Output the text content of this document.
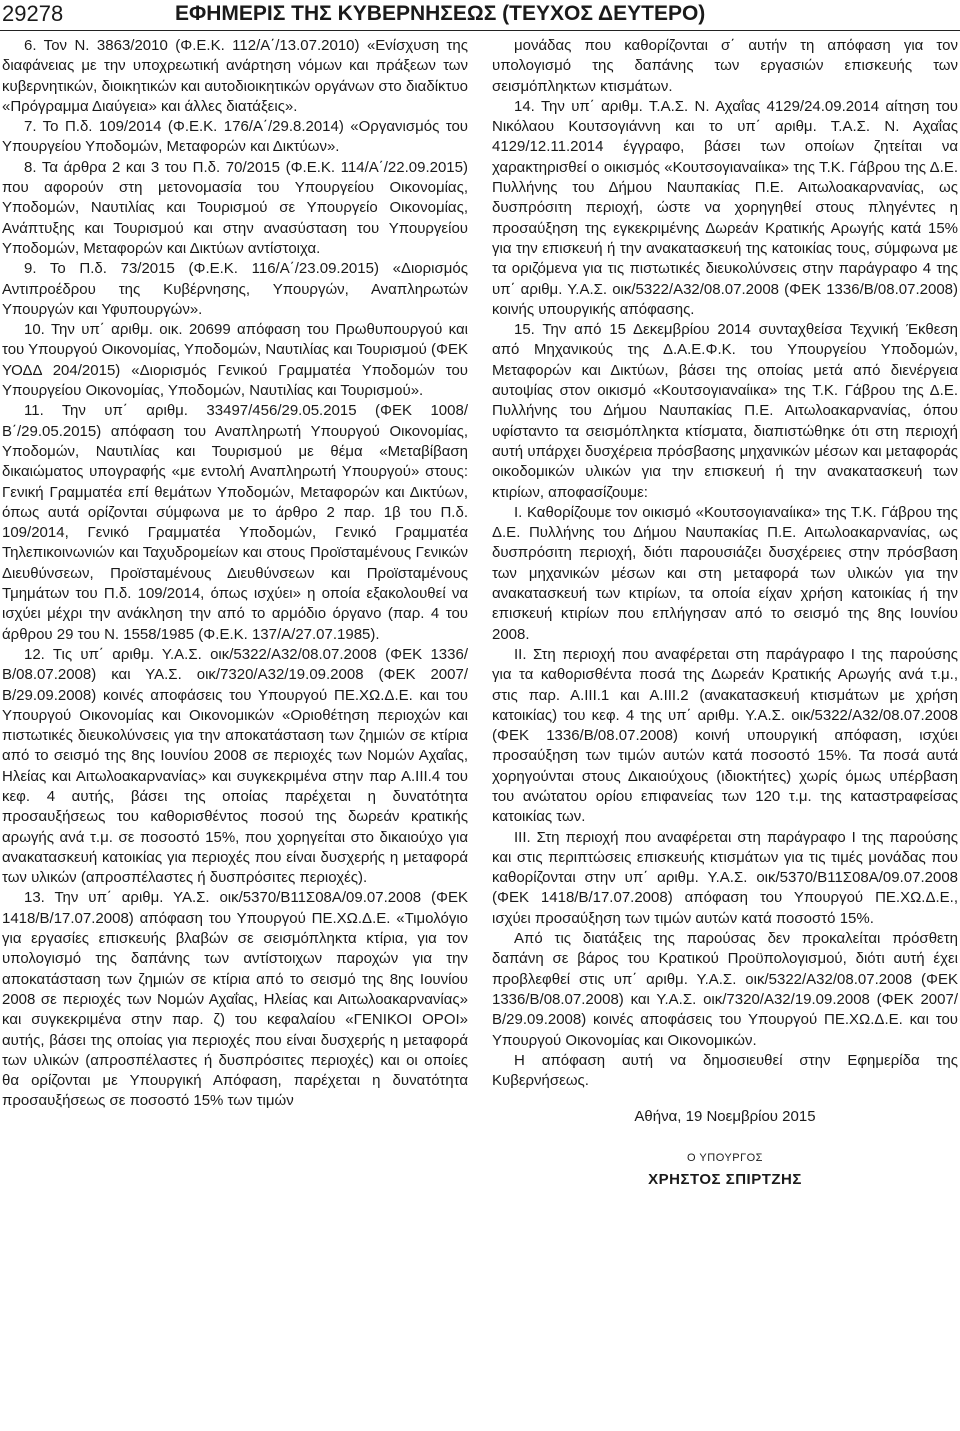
29278	ΕΦΗΜΕΡΙΣ ΤΗΣ ΚΥΒΕΡΝΗΣΕΩΣ (ΤΕΥΧΟΣ ΔΕΥΤΕΡΟ)

6. Τον Ν. 3863/2010 (Φ.Ε.Κ. 112/Α΄/13.07.2010) «Ενίσχυση της διαφάνειας με την υποχρεωτική ανάρτηση νόμων και πράξεων των κυβερνητικών, διοικητικών και αυτοδιοικητικών οργάνων στο διαδίκτυο «Πρόγραμμα Διαύγεια» και άλλες διατάξεις».

7. Το Π.δ. 109/2014 (Φ.Ε.Κ. 176/Α΄/29.8.2014) «Οργανισμός του Υπουργείου Υποδομών, Μεταφορών και Δικτύων».

8. Τα άρθρα 2 και 3 του Π.δ. 70/2015 (Φ.Ε.Κ. 114/Α΄/22.09.2015) που αφορούν στη μετονομασία του Υπουργείου Οικονομίας, Υποδομών, Ναυτιλίας και Τουρισμού σε Υπουργείο Οικονομίας, Ανάπτυξης και Τουρισμού και στην ανασύσταση του Υπουργείου Υποδομών, Μεταφορών και Δικτύων αντίστοιχα.

9. Το Π.δ. 73/2015 (Φ.Ε.Κ. 116/Α΄/23.09.2015) «Διορισμός Αντιπροέδρου της Κυβέρνησης, Υπουργών, Αναπληρωτών Υπουργών και Υφυπουργών».

10. Την υπ΄ αριθμ. οικ. 20699 απόφαση του Πρωθυπουργού και του Υπουργού Οικονομίας, Υποδομών, Ναυτιλίας και Τουρισμού (ΦΕΚ ΥΟΔΔ 204/2015) «Διορισμός Γενικού Γραμματέα Υποδομών του Υπουργείου Οικονομίας, Υποδομών, Ναυτιλίας και Τουρισμού».

11. Την υπ΄ αριθμ. 33497/456/29.05.2015 (ΦΕΚ 1008/Β΄/29.05.2015) απόφαση του Αναπληρωτή Υπουργού Οικονομίας, Υποδομών, Ναυτιλίας και Τουρισμού με θέμα «Μεταβίβαση δικαιώματος υπογραφής «με εντολή Αναπληρωτή Υπουργού» στους: Γενική Γραμματέα επί θεμάτων Υποδομών, Μεταφορών και Δικτύων, όπως αυτά ορίζονται σύμφωνα με το άρθρο 2 παρ. 1β του Π.δ. 109/2014, Γενικό Γραμματέα Υποδομών, Γενικό Γραμματέα Τηλεπικοινωνιών και Ταχυδρομείων και στους Προϊσταμένους Γενικών Διευθύνσεων, Προϊσταμένους Διευθύνσεων και Προϊσταμένους Τμημάτων του Π.δ. 109/2014, όπως ισχύει» η οποία εξακολουθεί να ισχύει μέχρι την ανάκληση την από το αρμόδιο όργανο (παρ. 4 του άρθρου 29 του Ν. 1558/1985 (Φ.Ε.Κ. 137/Α/27.07.1985).

12. Τις υπ΄ αριθμ. Υ.Α.Σ. οικ/5322/Α32/08.07.2008 (ΦΕΚ 1336/Β/08.07.2008) και ΥΑ.Σ. οικ/7320/Α32/19.09.2008 (ΦΕΚ 2007/Β/29.09.2008) κοινές αποφάσεις του Υπουργού ΠΕ.ΧΩ.Δ.Ε. και του Υπουργού Οικονομίας και Οικονομικών «Οριοθέτηση περιοχών και πιστωτικές διευκολύνσεις για την αποκατάσταση των ζημιών σε κτίρια από το σεισμό της 8ης Ιουνίου 2008 σε περιοχές των Νομών Αχαΐας, Ηλείας και Αιτωλοακαρνανίας» και συγκεκριμένα στην παρ Α.ΙΙΙ.4 του κεφ. 4 αυτής, βάσει της οποίας παρέχεται η δυνατότητα προσαυξήσεως του καθορισθέντος ποσού της δωρεάν κρατικής αρωγής ανά τ.μ. σε ποσοστό 15%, που χορηγείται στο δικαιούχο για ανακατασκευή κατοικίας για περιοχές που είναι δυσχερής η μεταφορά των υλικών (απροσπέλαστες ή δυσπρόσιτες περιοχές).

13. Την υπ΄ αριθμ. ΥΑ.Σ. οικ/5370/Β11Σ08Α/09.07.2008 (ΦΕΚ 1418/Β/17.07.2008) απόφαση του Υπουργού ΠΕ.ΧΩ.Δ.Ε. «Τιμολόγιο για εργασίες επισκευής βλαβών σε σεισμόπληκτα κτίρια, για τον υπολογισμό της δαπάνης των αντίστοιχων παροχών για την αποκατάσταση των ζημιών σε κτίρια από το σεισμό της 8ης Ιουνίου 2008 σε περιοχές των Νομών Αχαΐας, Ηλείας και Αιτωλοακαρνανίας» και συγκεκριμένα στην παρ. ζ) του κεφαλαίου «ΓΕΝΙΚΟΙ ΟΡΟΙ» αυτής, βάσει της οποίας για περιοχές που είναι δυσχερής η μεταφορά των υλικών (απροσπέλαστες ή δυσπρόσιτες περιοχές) και οι οποίες θα ορίζονται με Υπουργική Απόφαση, παρέχεται η δυνατότητα προσαυξήσεως σε ποσοστό 15% των τιμών

μονάδας που καθορίζονται σ΄ αυτήν τη απόφαση για τον υπολογισμό της δαπάνης των εργασιών επισκευής των σεισμόπληκτων κτισμάτων.

14. Την υπ΄ αριθμ. Τ.Α.Σ. Ν. Αχαΐας 4129/24.09.2014 αίτηση του Νικόλαου Κουτσογιάννη και το υπ΄ αριθμ. Τ.Α.Σ. Ν. Αχαΐας 4129/12.11.2014 έγγραφο, βάσει των οποίων ζητείται να χαρακτηρισθεί ο οικισμός «Κουτσογιαναίικα» της Τ.Κ. Γάβρου της Δ.Ε. Πυλλήνης του Δήμου Ναυπακίας Π.Ε. Αιτωλοακαρνανίας, ως δυσπρόσιτη περιοχή, ώστε να χορηγηθεί στους πληγέντες η προσαύξηση της εγκεκριμένης Δωρεάν Κρατικής Αρωγής κατά 15% για την επισκευή ή την ανακατασκευή της κατοικίας τους, σύμφωνα με τα οριζόμενα για τις πιστωτικές διευκολύνσεις στην παράγραφο 4 της υπ΄ αριθμ. Υ.Α.Σ. οικ/5322/Α32/08.07.2008 (ΦΕΚ 1336/Β/08.07.2008) κοινής υπουργικής απόφασης.

15. Την από 15 Δεκεμβρίου 2014 συνταχθείσα Τεχνική Έκθεση από Μηχανικούς της Δ.Α.Ε.Φ.Κ. του Υπουργείου Υποδομών, Μεταφορών και Δικτύων, βάσει της οποίας μετά από διενέργεια αυτοψίας στον οικισμό «Κουτσογιαναίικα» της Τ.Κ. Γάβρου της Δ.Ε. Πυλλήνης του Δήμου Ναυπακίας Π.Ε. Αιτωλοακαρνανίας, όπου υφίσταντο τα σεισμόπληκτα κτίσματα, διαπιστώθηκε ότι στη περιοχή αυτή υπάρχει δυσχέρεια πρόσβασης μηχανικών μέσων και μεταφοράς οικοδομικών υλικών για την επισκευή ή την ανακατασκευή των κτιρίων, αποφασίζουμε:

Ι. Καθορίζουμε τον οικισμό «Κουτσογιαναίικα» της Τ.Κ. Γάβρου της Δ.Ε. Πυλλήνης του Δήμου Ναυπακίας Π.Ε. Αιτωλοακαρνανίας, ως δυσπρόσιτη περιοχή, διότι παρουσιάζει δυσχέρειες στην πρόσβαση των μηχανικών μέσων και στη μεταφορά των υλικών για την ανακατασκευή των κτιρίων, τα οποία είχαν χρήση κατοικίας ή την επισκευή κτιρίων που επλήγησαν από το σεισμό της 8ης Ιουνίου 2008.

ΙΙ. Στη περιοχή που αναφέρεται στη παράγραφο Ι της παρούσης για τα καθορισθέντα ποσά της Δωρεάν Κρατικής Αρωγής ανά τ.μ., στις παρ. Α.ΙΙΙ.1 και Α.ΙΙΙ.2 (ανακατασκευή κτισμάτων με χρήση κατοικίας) του κεφ. 4 της υπ΄ αριθμ. Υ.Α.Σ. οικ/5322/Α32/08.07.2008 (ΦΕΚ 1336/Β/08.07.2008) κοινή υπουργική απόφαση, ισχύει προσαύξηση των τιμών αυτών κατά ποσοστό 15%. Τα ποσά αυτά χορηγούνται στους Δικαιούχους (ιδιοκτήτες) χωρίς όμως υπέρβαση του ανώτατου ορίου επιφανείας των 120 τ.μ. της καταστραφείσας κατοικίας των.

ΙΙΙ. Στη περιοχή που αναφέρεται στη παράγραφο Ι της παρούσης και στις περιπτώσεις επισκευής κτισμάτων για τις τιμές μονάδας που καθορίζονται στην υπ΄ αριθμ. Υ.Α.Σ. οικ/5370/Β11Σ08Α/09.07.2008 (ΦΕΚ 1418/Β/17.07.2008) απόφαση του Υπουργού ΠΕ.ΧΩ.Δ.Ε., ισχύει προσαύξηση των τιμών αυτών κατά ποσοστό 15%.

Από τις διατάξεις της παρούσας δεν προκαλείται πρόσθετη δαπάνη σε βάρος του Κρατικού Προϋπολογισμού, διότι αυτή έχει προβλεφθεί στις υπ΄ αριθμ. Υ.Α.Σ. οικ/5322/Α32/08.07.2008 (ΦΕΚ 1336/Β/08.07.2008) και Υ.Α.Σ. οικ/7320/Α32/19.09.2008 (ΦΕΚ 2007/Β/29.09.2008) κοινές αποφάσεις του Υπουργού ΠΕ.ΧΩ.Δ.Ε. και του Υπουργού Οικονομίας και Οικονομικών.

Η απόφαση αυτή να δημοσιευθεί στην Εφημερίδα της Κυβερνήσεως.

Αθήνα, 19 Νοεμβρίου 2015
Ο ΥΠΟΥΡΓΟΣ
ΧΡΗΣΤΟΣ ΣΠΙΡΤΖΗΣ
